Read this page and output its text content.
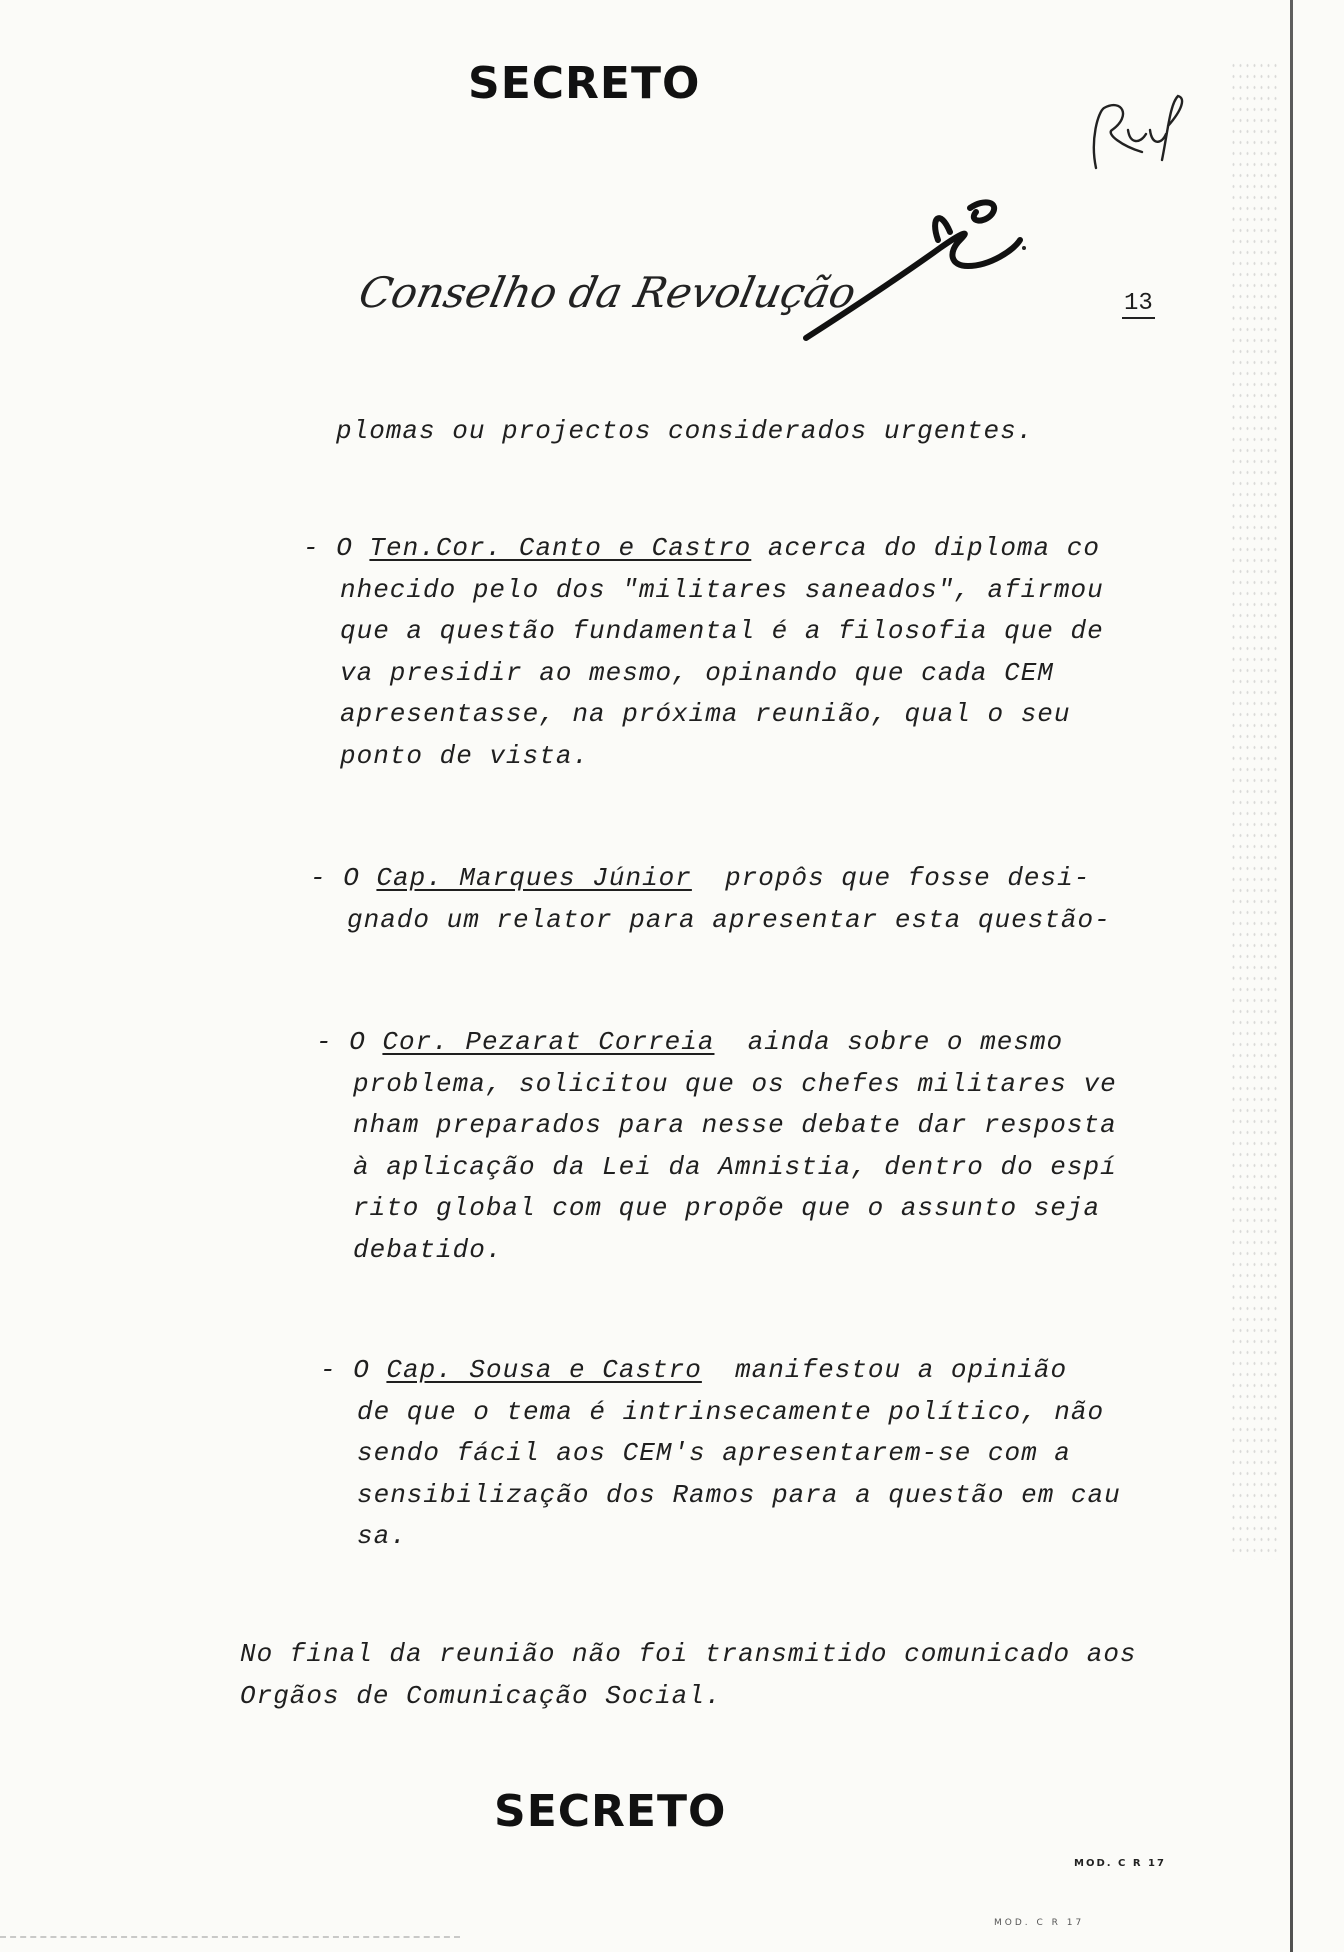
SECRETO
Conselho da Revolução	13
plomas ou projectos considerados urgentes.
- O Ten.Cor. Canto e Castro acerca do diploma co
nhecido pelo dos "militares saneados", afirmou
que a questão fundamental é a filosofia que de
va presidir ao mesmo, opinando que cada CEM
apresentasse, na próxima reunião, qual o seu
ponto de vista.
- O Cap. Marques Júnior  propôs que fosse desi-
gnado um relator para apresentar esta questão-
- O Cor. Pezarat Correia  ainda sobre o mesmo
problema, solicitou que os chefes militares ve
nham preparados para nesse debate dar resposta
à aplicação da Lei da Amnistia, dentro do espí
rito global com que propõe que o assunto seja
debatido.
- O Cap. Sousa e Castro  manifestou a opinião
de que o tema é intrinsecamente político, não
sendo fácil aos CEM's apresentarem-se com a
sensibilização dos Ramos para a questão em cau
sa.
No final da reunião não foi transmitido comunicado aos
Orgãos de Comunicação Social.
SECRETO
MOD. C R 17
MOD. C R 17
